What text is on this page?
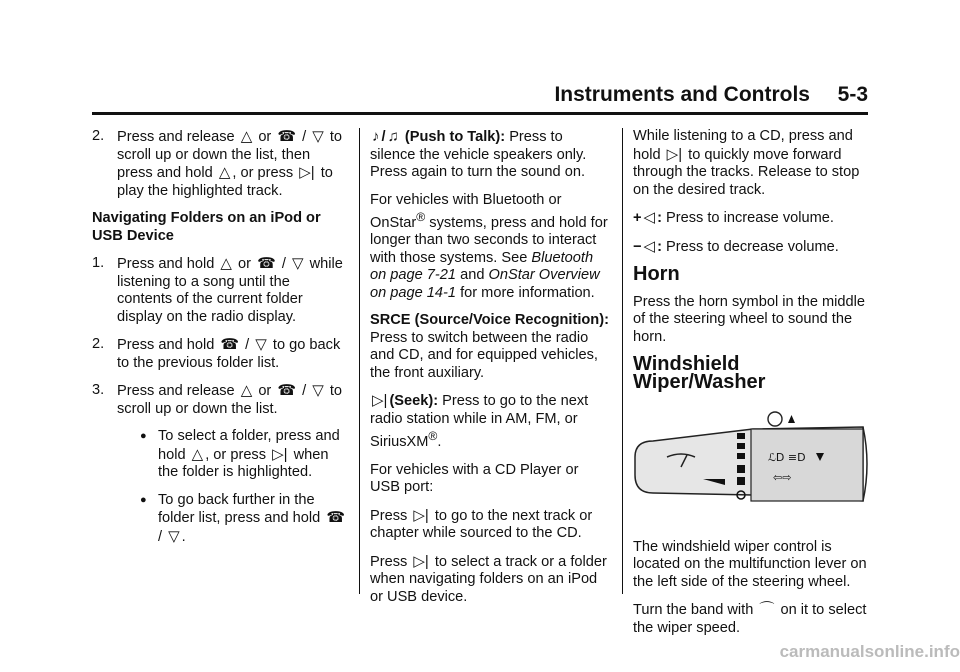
Instruments and Controls 5-3
2. Press and release △ or ☎ / ▽ to scroll up or down the list, then press and hold △ , or press ▷| to play the highlighted track.

Navigating Folders on an iPod or USB Device

1. Press and hold △ or ☎ / ▽ while listening to a song until the contents of the current folder display on the radio display.
2. Press and hold ☎ / ▽ to go back to the previous folder list.
3. Press and release △ or ☎ / ▽ to scroll up or down the list.
● To select a folder, press and hold △ , or press ▷| when the folder is highlighted.
● To go back further in the folder list, press and hold ☎ / ▽ .

♪ / ♫ (Push to Talk): Press to silence the vehicle speakers only. Press again to turn the sound on.

For vehicles with Bluetooth or OnStar® systems, press and hold for longer than two seconds to interact with those systems. See Bluetooth on page 7-21 and OnStar Overview on page 14-1 for more information.

SRCE (Source/Voice Recognition): Press to switch between the radio and CD, and for equipped vehicles, the front auxiliary.

▷| (Seek): Press to go to the next radio station while in AM, FM, or SiriusXM®.

For vehicles with a CD Player or USB port:

Press ▷| to go to the next track or chapter while sourced to the CD.

Press ▷| to select a track or a folder when navigating folders on an iPod or USB device.

While listening to a CD, press and hold ▷| to quickly move forward through the tracks. Release to stop on the desired track.

+ ◁ : Press to increase volume.

− ◁ : Press to decrease volume.

Horn

Press the horn symbol in the middle of the steering wheel to sound the horn.

Windshield Wiper/Washer
ℒD ≡D
⇦⇨

The windshield wiper control is located on the multifunction lever on the left side of the steering wheel.

Turn the band with ⌒ on it to select the wiper speed.

carmanualsonline.info
